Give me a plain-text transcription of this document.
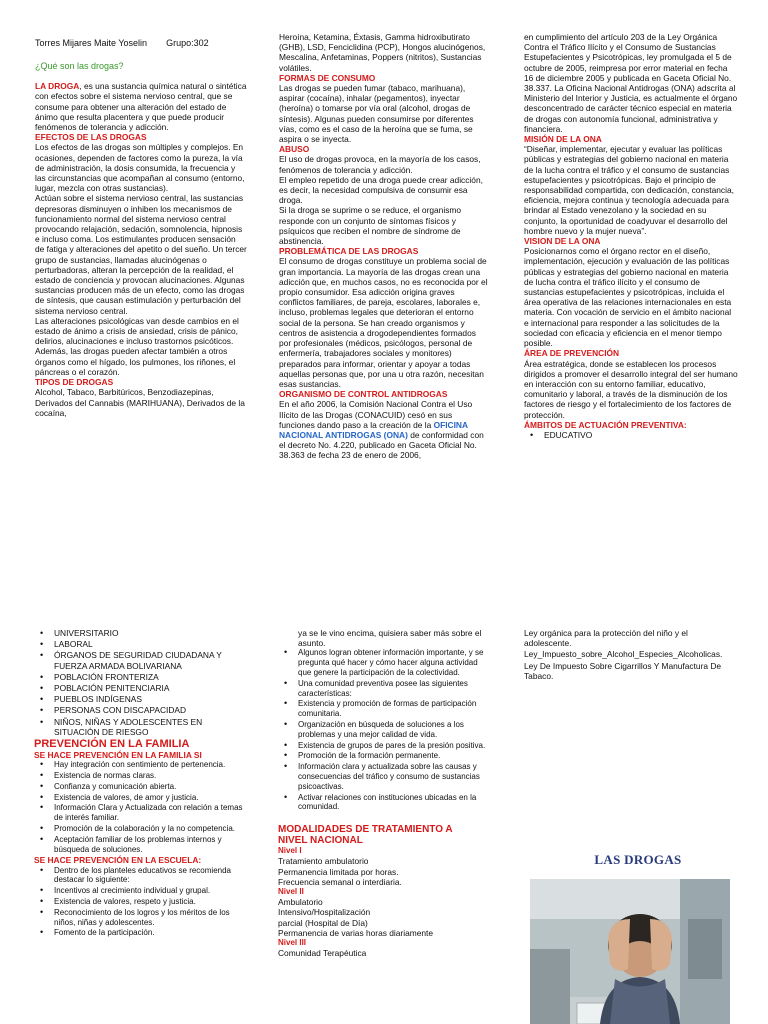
Torres Mijares Maite Yoselin Grupo:302

¿Qué son las drogas?

LA DROGA, es una sustancia química natural o sintética con efectos sobre el sistema nervioso central, que se consume para obtener una alteración del estado de ánimo que resulta placentera y que puede producir fenómenos de tolerancia y adicción.

EFECTOS DE LAS DROGAS

Los efectos de las drogas son múltiples y complejos. En ocasiones, dependen de factores como la pureza, la vía de administración, la dosis consumida, la frecuencia y las circunstancias que acompañan al consumo (entorno, lugar, mezcla con otras sustancias).

Actúan sobre el sistema nervioso central, las sustancias depresoras disminuyen o inhiben los mecanismos de funcionamiento normal del sistema nervioso central provocando relajación, sedación, somnolencia, hipnosis e incluso coma. Los estimulantes producen sensación de fatiga y alteraciones del apetito o del sueño. Un tercer grupo de sustancias, llamadas alucinógenas o perturbadoras, alteran la percepción de la realidad, el estado de conciencia y provocan alucinaciones. Algunas sustancias producen más de un efecto, como las drogas de síntesis, que causan estimulación y perturbación del sistema nervioso central.

Las alteraciones psicológicas van desde cambios en el estado de ánimo a crisis de ansiedad, crisis de pánico, delirios, alucinaciones e incluso trastornos psicóticos. Además, las drogas pueden afectar también a otros órganos como el hígado, los pulmones, los riñones, el páncreas o el corazón.

TIPOS DE DROGAS

Alcohol, Tabaco, Barbitúricos, Benzodiazepinas, Derivados del Cannabis (MARIHUANA), Derivados de la cocaína,

Heroína, Ketamina, Éxtasis, Gamma hidroxibutirato (GHB), LSD, Fenciclidina (PCP), Hongos alucinógenos, Mescalina, Anfetaminas, Poppers (nitritos), Sustancias volátiles.

FORMAS DE CONSUMO

Las drogas se pueden fumar (tabaco, marihuana), aspirar (cocaína), inhalar (pegamentos), inyectar (heroína) o tomarse por vía oral (alcohol, drogas de síntesis). Algunas pueden consumirse por diferentes vías, como es el caso de la heroína que se fuma, se aspira o se inyecta.

ABUSO

El uso de drogas provoca, en la mayoría de los casos, fenómenos de tolerancia y adicción.

El empleo repetido de una droga puede crear adicción, es decir, la necesidad compulsiva de consumir esa droga.

Si la droga se suprime o se reduce, el organismo responde con un conjunto de síntomas físicos y psíquicos que reciben el nombre de síndrome de abstinencia.

PROBLEMÁTICA DE LAS DROGAS

El consumo de drogas constituye un problema social de gran importancia. La mayoría de las drogas crean una adicción que, en muchos casos, no es reconocida por el propio consumidor. Esa adicción origina graves conflictos familiares, de pareja, escolares, laborales e, incluso, problemas legales que deterioran el entorno social de la persona. Se han creado organismos y centros de asistencia a drogodependientes formados por profesionales (médicos, psicólogos, personal de enfermería, trabajadores sociales y monitores) preparados para informar, orientar y apoyar a todas aquellas personas que, por una u otra razón, necesitan esas sustancias.

ORGANISMO DE CONTROL ANTIDROGAS

En el año 2006, la Comisión Nacional Contra el Uso Ilícito de las Drogas (CONACUID) cesó en sus funciones dando paso a la creación de la OFICINA NACIONAL ANTIDROGAS (ONA) de conformidad con el decreto No. 4.220, publicado en Gaceta Oficial No. 38.363 de fecha 23 de enero de 2006,

en cumplimiento del artículo 203 de la Ley Orgánica Contra el Tráfico Ilícito y el Consumo de Sustancias Estupefacientes y Psicotrópicas, ley promulgada el 5 de octubre de 2005, reimpresa por error material en fecha 16 de diciembre 2005 y publicada en Gaceta Oficial No. 38.337. La Oficina Nacional Antidrogas (ONA) adscrita al Ministerio del Interior y Justicia, es actualmente el órgano desconcentrado de carácter técnico especial en materia de drogas con autonomía funcional, administrativa y financiera.

MISIÓN DE LA ONA

“Diseñar, implementar, ejecutar y evaluar las políticas públicas y estrategias del gobierno nacional en materia de la lucha contra el tráfico y el consumo de sustancias estupefacientes y psicotrópicas. Bajo el principio de responsabilidad compartida, con dedicación, constancia, eficiencia, mejora continua y tecnología adecuada para brindar al Estado venezolano y la sociedad en su conjunto, la oportunidad de coadyuvar el desarrollo del hombre nuevo y la mujer nueva”.

VISION DE LA ONA

Posicionarnos como el órgano rector en el diseño, implementación, ejecución y evaluación de las políticas públicas y estrategias del gobierno nacional en materia de lucha contra el tráfico ilícito y el consumo de sustancias estupefacientes y psicotrópicas, incluida el área operativa de las relaciones internacionales en esta materia. Con vocación de servicio en el ámbito nacional e internacional para responder a las solicitudes de la sociedad con eficacia y eficiencia en el menor tiempo posible.

ÁREA DE PREVENCIÓN

Área estratégica, donde se establecen los procesos dirigidos a promover el desarrollo integral del ser humano en interacción con su entorno familiar, educativo, comunitario y laboral, a través de la disminución de los factores de riesgo y el fortalecimiento de los factores de protección.

ÁMBITOS DE ACTUACIÓN PREVENTIVA:

• EDUCATIVO
• UNIVERSITARIO
• LABORAL
• ÓRGANOS DE SEGURIDAD CIUDADANA Y FUERZA ARMADA BOLIVARIANA
• POBLACIÓN FRONTERIZA
• POBLACIÓN PENITENCIARIA
• PUEBLOS INDÍGENAS
• PERSONAS CON DISCAPACIDAD
• NIÑOS, NIÑAS Y ADOLESCENTES EN SITUACIÓN DE RIESGO

PREVENCIÓN EN LA FAMILIA

SE HACE PREVENCIÓN EN LA FAMILIA SI

• Hay integración con sentimiento de pertenencia.
• Existencia de normas claras.
• Confianza y comunicación abierta.
• Existencia de valores, de amor y justicia.
• Información Clara y Actualizada con relación a temas de interés familiar.
• Promoción de la colaboración y la no competencia.
• Aceptación familiar de los problemas internos y búsqueda de soluciones.

SE HACE PREVENCIÓN EN LA ESCUELA:

• Dentro de los planteles educativos se recomienda destacar lo siguiente:
• Incentivos al crecimiento individual y grupal.
• Existencia de valores, respeto y justicia.
• Reconocimiento de los logros y los méritos de los niños, niñas y adolescentes.
• Fomento de la participación.

ya se le vino encima, quisiera saber más sobre el asunto.

• Algunos logran obtener información importante, y se pregunta qué hacer y cómo hacer alguna actividad que genere la participación de la colectividad.
• Una comunidad preventiva posee las siguientes características:
• Existencia y promoción de formas de participación comunitaria.
• Organización en búsqueda de soluciones a los problemas y una mejor calidad de vida.
• Existencia de grupos de pares de la presión positiva.
• Promoción de la formación permanente.
• Información clara y actualizada sobre las causas y consecuencias del tráfico y consumo de sustancias psicoactivas.
• Activar relaciones con instituciones ubicadas en la comunidad.

MODALIDADES DE TRATAMIENTO A NIVEL NACIONAL

Nivel I

Tratamiento ambulatorio

Permanencia limitada por horas.

Frecuencia semanal o interdiaria.

Nivel II

Ambulatorio

Intensivo/Hospitalización

parcial (Hospital de Día)

Permanencia de varias horas diariamente

Nivel III

Comunidad Terapéutica

Ley orgánica para la protección del niño y el adolescente.

Ley_Impuesto_sobre_Alcohol_Especies_Alcoholicas.

Ley De Impuesto Sobre Cigarrillos Y Manufactura De Tabaco.

LAS DROGAS
